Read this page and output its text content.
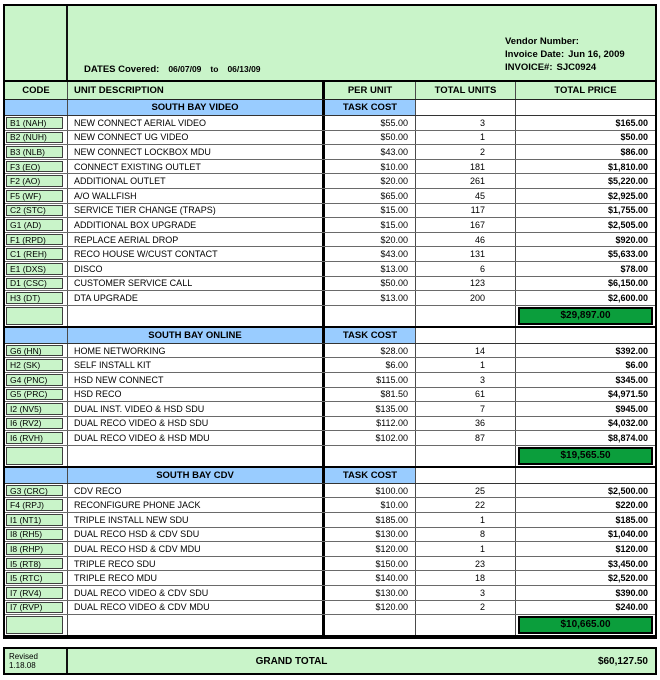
DATES Covered: 06/07/09 to 06/13/09
Vendor Number:
Invoice Date: Jun 16, 2009
INVOICE#: SJC0924
CODE	UNIT DESCRIPTION	PER UNIT	TOTAL UNITS	TOTAL PRICE
SOUTH BAY VIDEO	TASK COST
B1 (NAH)	NEW CONNECT AERIAL VIDEO	$55.00	3	$165.00
B2 (NUH)	NEW CONNECT UG VIDEO	$50.00	1	$50.00
B3 (NLB)	NEW CONNECT LOCKBOX MDU	$43.00	2	$86.00
F3 (EO)	CONNECT EXISTING OUTLET	$10.00	181	$1,810.00
F2 (AO)	ADDITIONAL OUTLET	$20.00	261	$5,220.00
F5 (WF)	A/O WALLFISH	$65.00	45	$2,925.00
C2 (STC)	SERVICE TIER CHANGE (TRAPS)	$15.00	117	$1,755.00
G1 (AD)	ADDITIONAL BOX UPGRADE	$15.00	167	$2,505.00
F1 (RPD)	REPLACE AERIAL DROP	$20.00	46	$920.00
C1 (REH)	RECO HOUSE W/CUST CONTACT	$43.00	131	$5,633.00
E1 (DXS)	DISCO	$13.00	6	$78.00
D1 (CSC)	CUSTOMER SERVICE CALL	$50.00	123	$6,150.00
H3 (DT)	DTA UPGRADE	$13.00	200	$2,600.00
$29,897.00
SOUTH BAY ONLINE	TASK COST
G6 (HN)	HOME NETWORKING	$28.00	14	$392.00
H2 (SK)	SELF INSTALL KIT	$6.00	1	$6.00
G4 (PNC)	HSD NEW CONNECT	$115.00	3	$345.00
G5 (PRC)	HSD RECO	$81.50	61	$4,971.50
I2 (NV5)	DUAL INST. VIDEO & HSD SDU	$135.00	7	$945.00
I6 (RV2)	DUAL RECO VIDEO & HSD SDU	$112.00	36	$4,032.00
I6 (RVH)	DUAL RECO VIDEO & HSD MDU	$102.00	87	$8,874.00
$19,565.50
SOUTH BAY CDV	TASK COST
G3 (CRC)	CDV RECO	$100.00	25	$2,500.00
F4 (RPJ)	RECONFIGURE PHONE JACK	$10.00	22	$220.00
I1 (NT1)	TRIPLE INSTALL NEW SDU	$185.00	1	$185.00
I8 (RH5)	DUAL RECO HSD & CDV SDU	$130.00	8	$1,040.00
I8 (RHP)	DUAL RECO HSD & CDV MDU	$120.00	1	$120.00
I5 (RT8)	TRIPLE RECO SDU	$150.00	23	$3,450.00
I5 (RTC)	TRIPLE RECO MDU	$140.00	18	$2,520.00
I7 (RV4)	DUAL RECO VIDEO & CDV SDU	$130.00	3	$390.00
I7 (RVP)	DUAL RECO VIDEO & CDV MDU	$120.00	2	$240.00
$10,665.00
Revised 1.18.08	GRAND TOTAL	$60,127.50
